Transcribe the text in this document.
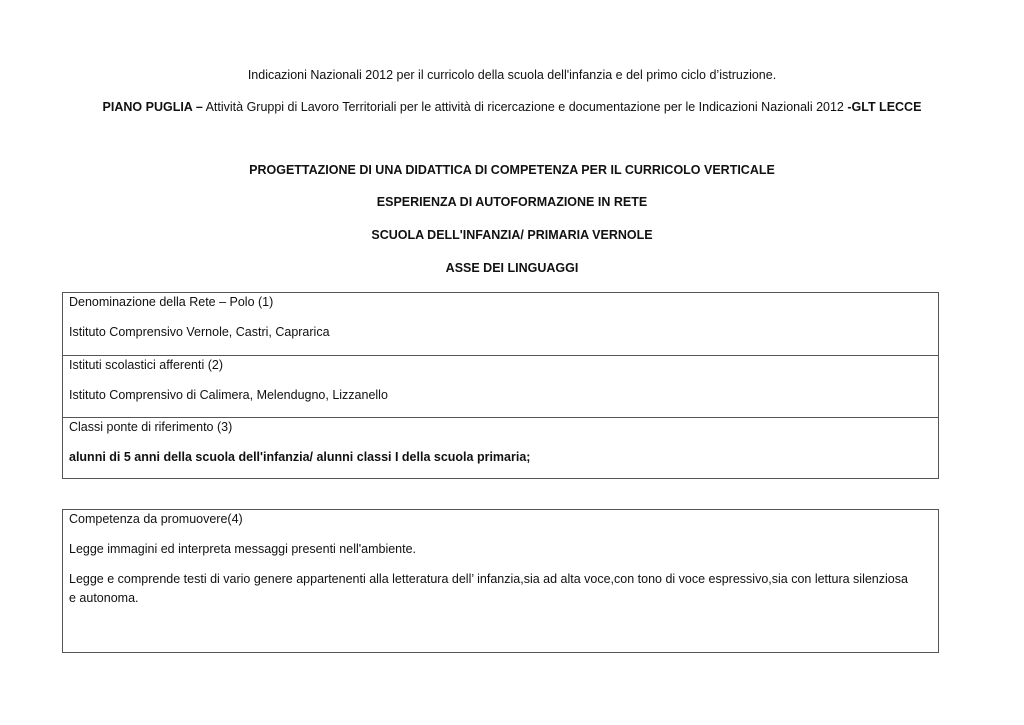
Indicazioni Nazionali 2012 per il curricolo della scuola dell'infanzia e del primo ciclo d’istruzione.
PIANO PUGLIA – Attività Gruppi di Lavoro Territoriali per le attività di ricercazione e documentazione per le Indicazioni Nazionali 2012 -GLT LECCE
PROGETTAZIONE DI UNA DIDATTICA DI COMPETENZA PER IL CURRICOLO VERTICALE
ESPERIENZA DI AUTOFORMAZIONE IN RETE
SCUOLA DELL'INFANZIA/ PRIMARIA VERNOLE
ASSE DEI LINGUAGGI

Denominazione della Rete – Polo (1)

Istituto Comprensivo Vernole, Castri, Caprarica

Istituti scolastici afferenti (2)

Istituto Comprensivo di Calimera, Melendugno, Lizzanello

Classi ponte di riferimento (3)

alunni di 5 anni della scuola dell'infanzia/ alunni classi I della scuola primaria;

Competenza da promuovere(4)

Legge immagini ed interpreta messaggi presenti nell'ambiente.

Legge e comprende testi di vario genere appartenenti alla letteratura dell’ infanzia,sia ad alta voce,con tono di voce espressivo,sia con lettura silenziosa e autonoma.
